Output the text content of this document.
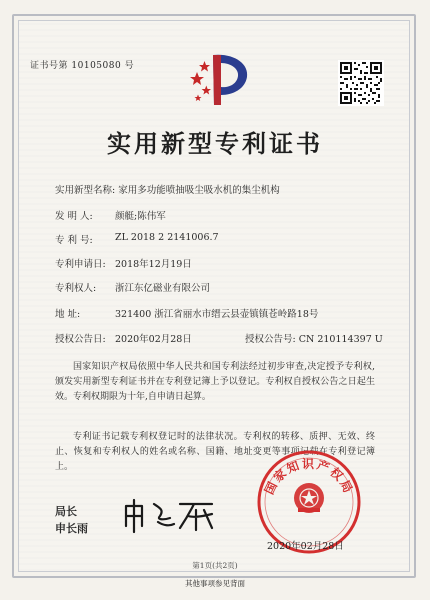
证书号第 10105080 号
实用新型专利证书
实用新型名称: 家用多功能喷抽吸尘吸水机的集尘机构
发 明 人: 颜艇;陈伟军
专 利 号: ZL 2018 2 2141006.7
专利申请日: 2018年12月19日
专利权人: 浙江东亿磁业有限公司
地 址:	321400 浙江省丽水市缙云县壶镇镇苍岭路18号
授权公告日: 2020年02月28日	授权公告号: CN 210114397 U
国家知识产权局依照中华人民共和国专利法经过初步审查,决定授予专利权,颁发实用新型专利证书并在专利登记簿上予以登记。专利权自授权公告之日起生效。专利权期限为十年,自申请日起算。
专利证书记载专利权登记时的法律状况。专利权的转移、质押、无效、终止、恢复和专利权人的姓名或名称、国籍、地址变更等事项记载在专利登记簿上。
局长
申长雨
国家知识产权局
2020年02月28日
第1页(共2页)
其他事项参见背面
